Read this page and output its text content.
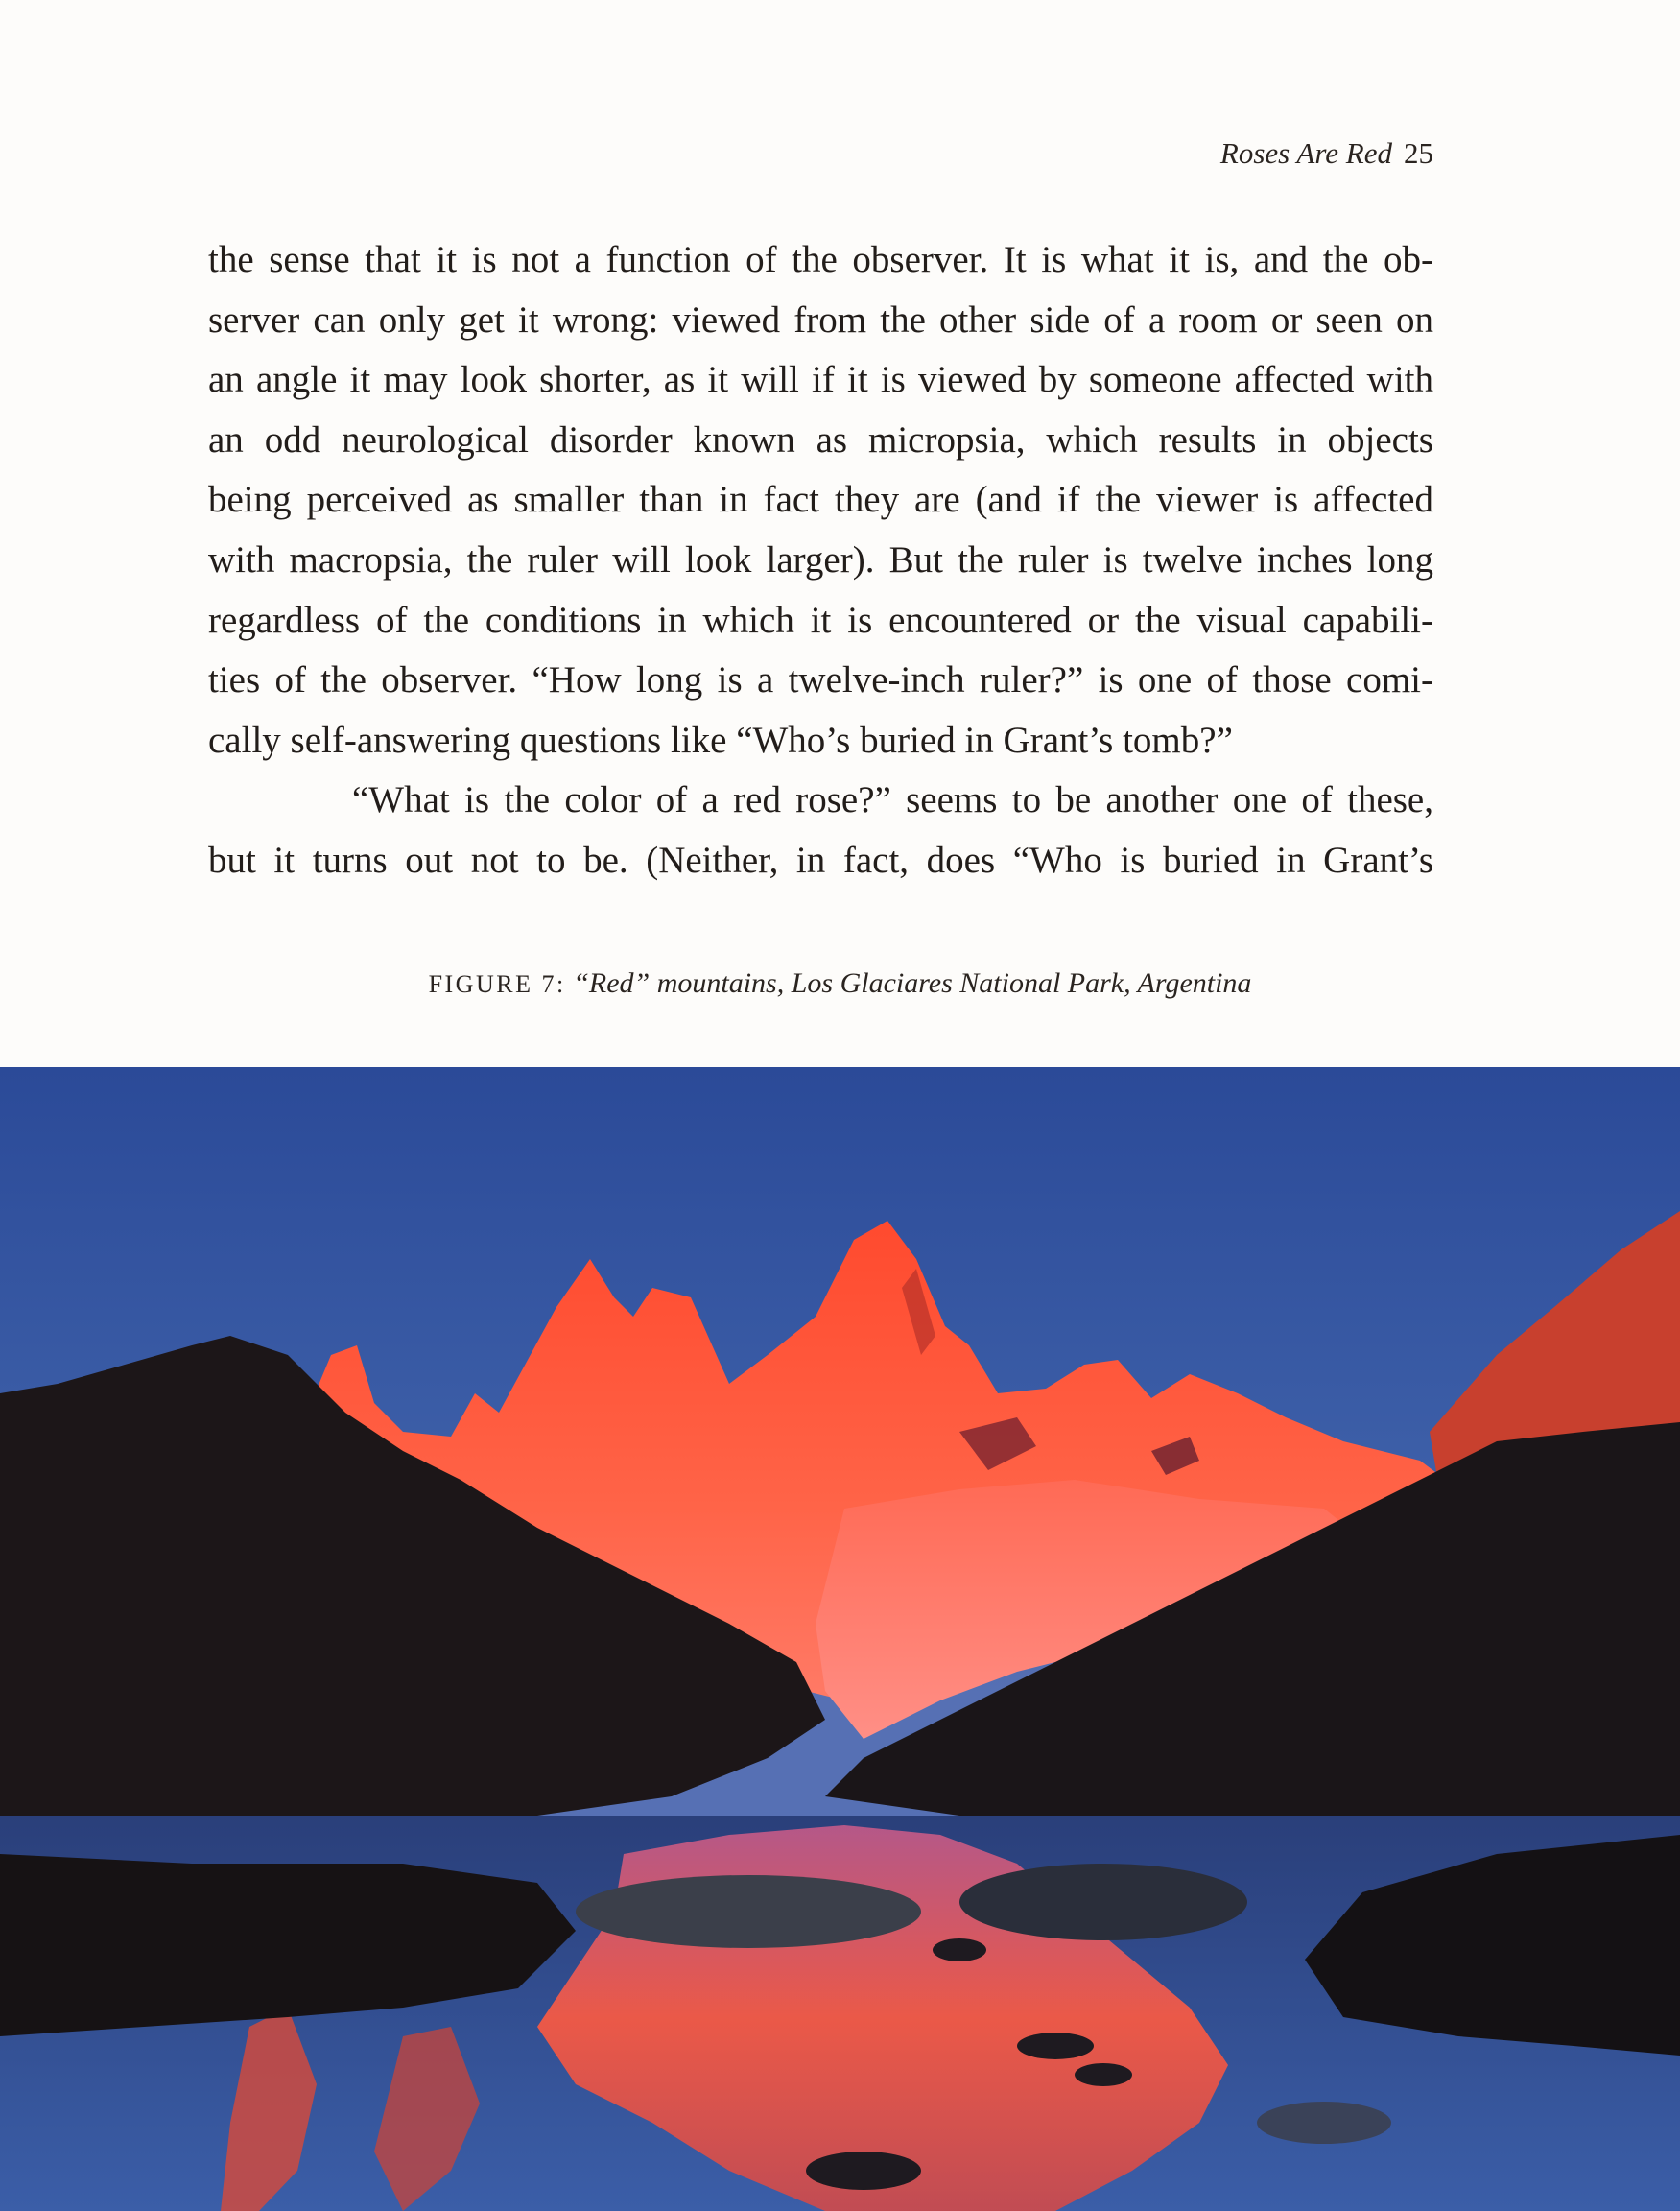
Roses Are Red 25
the sense that it is not a function of the observer. It is what it is, and the ob-
server can only get it wrong: viewed from the other side of a room or seen on
an angle it may look shorter, as it will if it is viewed by someone affected with
an odd neurological disorder known as micropsia, which results in objects
being perceived as smaller than in fact they are (and if the viewer is affected
with macropsia, the ruler will look larger). But the ruler is twelve inches long
regardless of the conditions in which it is encountered or the visual capabili-
ties of the observer. “How long is a twelve-inch ruler?” is one of those comi-
cally self-answering questions like “Who’s buried in Grant’s tomb?”
“What is the color of a red rose?” seems to be another one of these,
but it turns out not to be. (Neither, in fact, does “Who is buried in Grant’s
FIGURE 7: “Red” mountains, Los Glaciares National Park, Argentina
